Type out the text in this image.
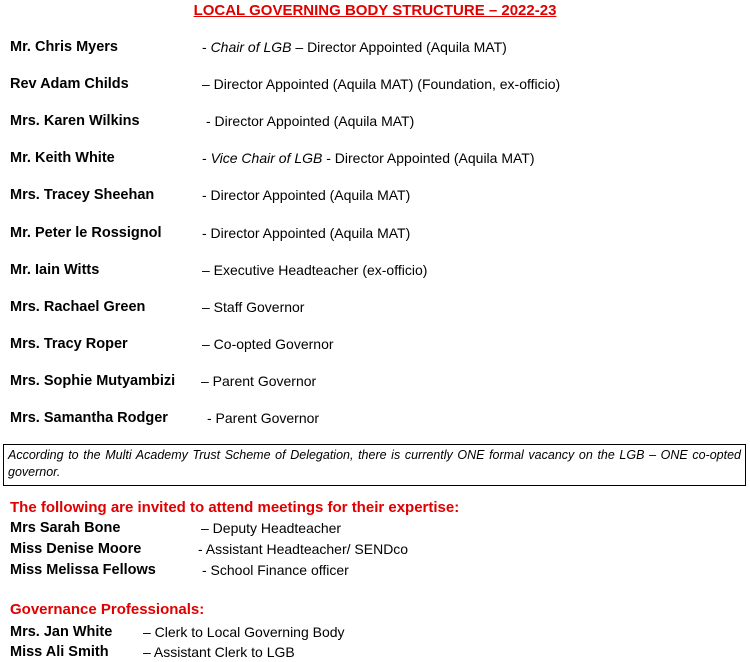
LOCAL GOVERNING BODY STRUCTURE – 2022-23
Mr. Chris Myers	- Chair of LGB – Director Appointed (Aquila MAT)
Rev Adam Childs	– Director Appointed (Aquila MAT) (Foundation, ex-officio)
Mrs. Karen Wilkins	- Director Appointed (Aquila MAT)
Mr. Keith White	- Vice Chair of LGB - Director Appointed (Aquila MAT)
Mrs. Tracey Sheehan	- Director Appointed (Aquila MAT)
Mr. Peter le Rossignol	- Director Appointed (Aquila MAT)
Mr. Iain Witts	– Executive Headteacher (ex-officio)
Mrs. Rachael Green	– Staff Governor
Mrs. Tracy Roper	– Co-opted Governor
Mrs. Sophie Mutyambizi – Parent Governor
Mrs. Samantha Rodger	- Parent Governor
According to the Multi Academy Trust Scheme of Delegation, there is currently ONE formal vacancy on the LGB – ONE co-opted governor.
The following are invited to attend meetings for their expertise:
Mrs Sarah Bone	– Deputy Headteacher
Miss Denise Moore	- Assistant Headteacher/ SENDco
Miss Melissa Fellows	- School Finance officer
Governance Professionals:
Mrs. Jan White – Clerk to Local Governing Body
Miss Ali Smith – Assistant Clerk to LGB
